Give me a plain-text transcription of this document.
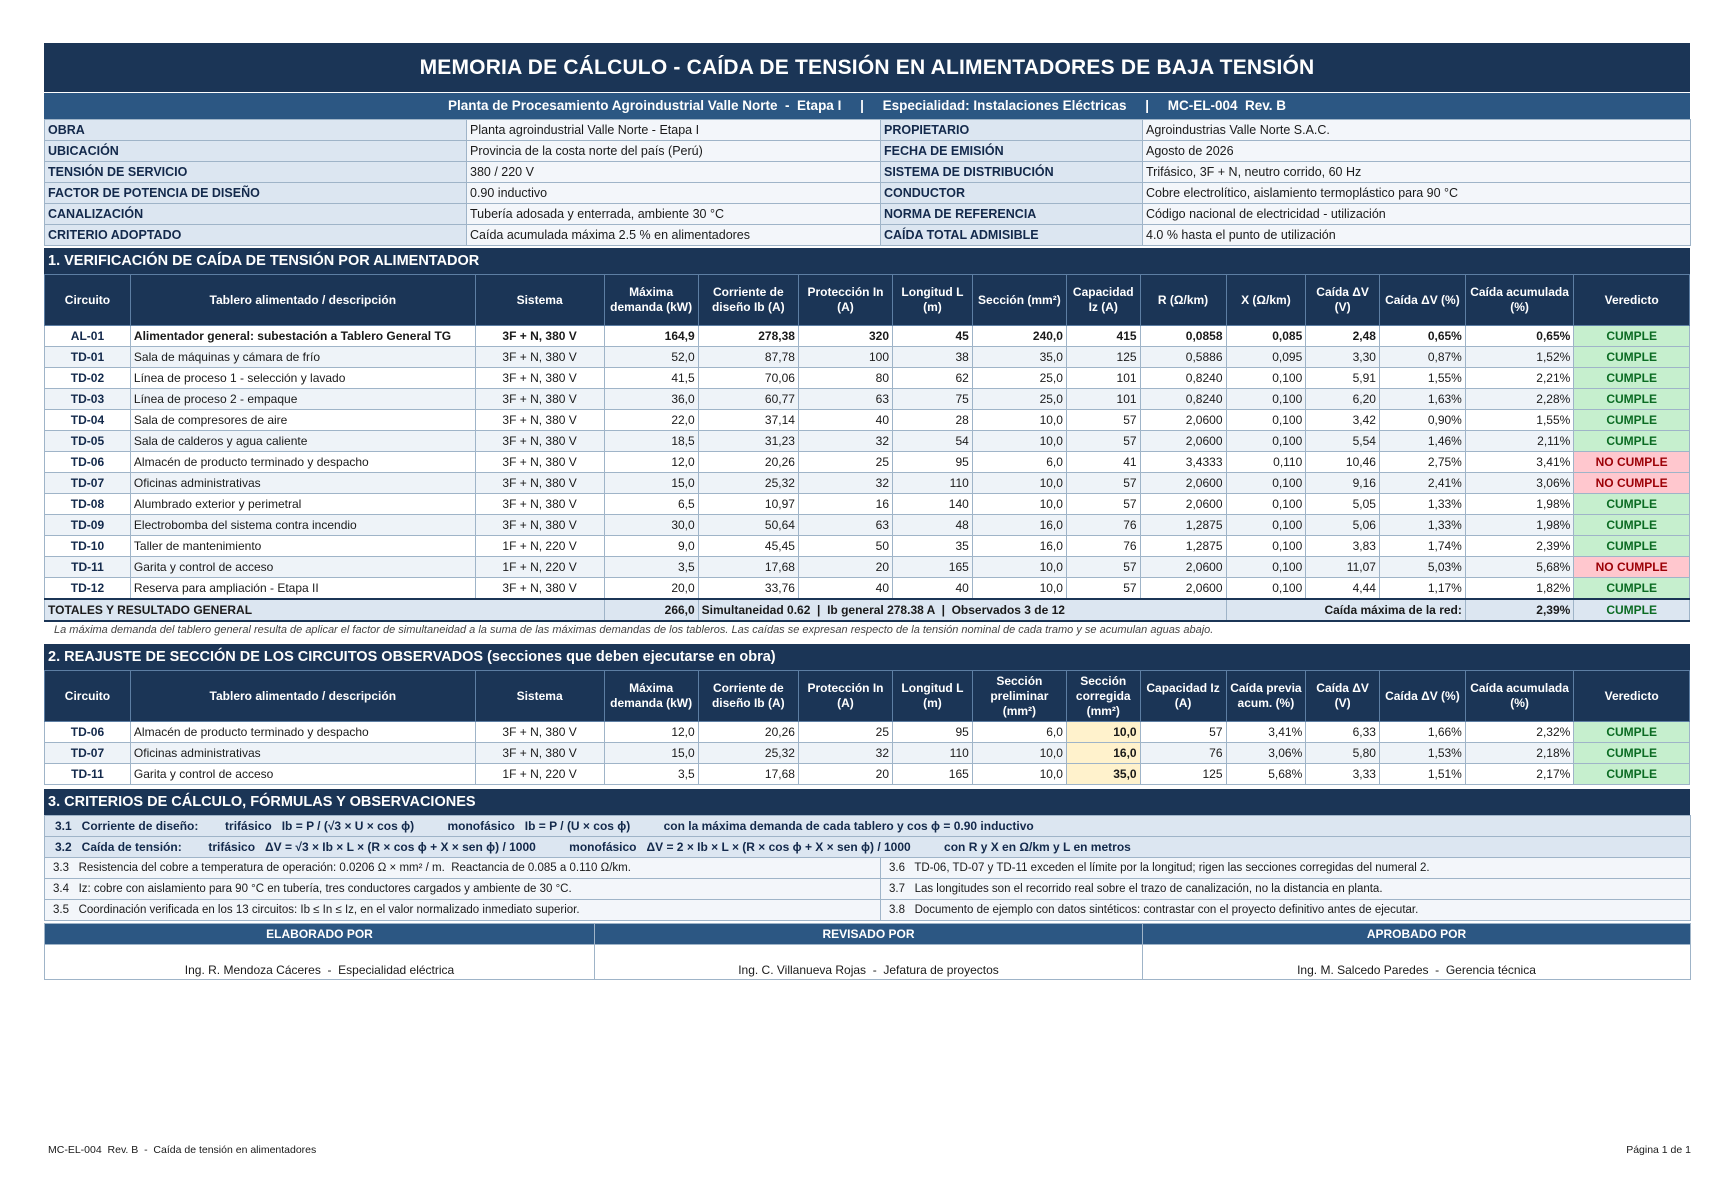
MEMORIA DE CÁLCULO - CAÍDA DE TENSIÓN EN ALIMENTADORES DE BAJA TENSIÓN
Planta de Procesamiento Agroindustrial Valle Norte  -  Etapa I     |     Especialidad: Instalaciones Eléctricas     |     MC-EL-004  Rev. B
OBRA	Planta agroindustrial Valle Norte - Etapa I	PROPIETARIO	Agroindustrias Valle Norte S.A.C.
UBICACIÓN	Provincia de la costa norte del país (Perú)	FECHA DE EMISIÓN	Agosto de 2026
TENSIÓN DE SERVICIO	380 / 220 V	SISTEMA DE DISTRIBUCIÓN	Trifásico, 3F + N, neutro corrido, 60 Hz
FACTOR DE POTENCIA DE DISEÑO	0.90 inductivo	CONDUCTOR	Cobre electrolítico, aislamiento termoplástico para 90 °C
CANALIZACIÓN	Tubería adosada y enterrada, ambiente 30 °C	NORMA DE REFERENCIA	Código nacional de electricidad - utilización
CRITERIO ADOPTADO	Caída acumulada máxima 2.5 % en alimentadores	CAÍDA TOTAL ADMISIBLE	4.0 % hasta el punto de utilización
1. VERIFICACIÓN DE CAÍDA DE TENSIÓN POR ALIMENTADOR
Circuito	Tablero alimentado / descripción	Sistema	Máxima demanda (kW)	Corriente de diseño Ib (A)	Protección In (A)	Longitud L (m)	Sección (mm²)	Capacidad Iz (A)	R (Ω/km)	X (Ω/km)	Caída ΔV (V)	Caída ΔV (%)	Caída acumulada (%)	Veredicto
AL-01	Alimentador general: subestación a Tablero General TG	3F + N, 380 V	164,9	278,38	320	45	240,0	415	0,0858	0,085	2,48	0,65%	0,65%	CUMPLE
TD-01	Sala de máquinas y cámara de frío	3F + N, 380 V	52,0	87,78	100	38	35,0	125	0,5886	0,095	3,30	0,87%	1,52%	CUMPLE
TD-02	Línea de proceso 1 - selección y lavado	3F + N, 380 V	41,5	70,06	80	62	25,0	101	0,8240	0,100	5,91	1,55%	2,21%	CUMPLE
TD-03	Línea de proceso 2 - empaque	3F + N, 380 V	36,0	60,77	63	75	25,0	101	0,8240	0,100	6,20	1,63%	2,28%	CUMPLE
TD-04	Sala de compresores de aire	3F + N, 380 V	22,0	37,14	40	28	10,0	57	2,0600	0,100	3,42	0,90%	1,55%	CUMPLE
TD-05	Sala de calderos y agua caliente	3F + N, 380 V	18,5	31,23	32	54	10,0	57	2,0600	0,100	5,54	1,46%	2,11%	CUMPLE
TD-06	Almacén de producto terminado y despacho	3F + N, 380 V	12,0	20,26	25	95	6,0	41	3,4333	0,110	10,46	2,75%	3,41%	NO CUMPLE
TD-07	Oficinas administrativas	3F + N, 380 V	15,0	25,32	32	110	10,0	57	2,0600	0,100	9,16	2,41%	3,06%	NO CUMPLE
TD-08	Alumbrado exterior y perimetral	3F + N, 380 V	6,5	10,97	16	140	10,0	57	2,0600	0,100	5,05	1,33%	1,98%	CUMPLE
TD-09	Electrobomba del sistema contra incendio	3F + N, 380 V	30,0	50,64	63	48	16,0	76	1,2875	0,100	5,06	1,33%	1,98%	CUMPLE
TD-10	Taller de mantenimiento	1F + N, 220 V	9,0	45,45	50	35	16,0	76	1,2875	0,100	3,83	1,74%	2,39%	CUMPLE
TD-11	Garita y control de acceso	1F + N, 220 V	3,5	17,68	20	165	10,0	57	2,0600	0,100	11,07	5,03%	5,68%	NO CUMPLE
TD-12	Reserva para ampliación - Etapa II	3F + N, 380 V	20,0	33,76	40	40	10,0	57	2,0600	0,100	4,44	1,17%	1,82%	CUMPLE
TOTALES Y RESULTADO GENERAL			266,0	Simultaneidad 0.62  |  Ib general 278.38 A  |  Observados 3 de 12						Caída máxima de la red:			2,39%	CUMPLE
La máxima demanda del tablero general resulta de aplicar el factor de simultaneidad a la suma de las máximas demandas de los tableros. Las caídas se expresan respecto de la tensión nominal de cada tramo y se acumulan aguas abajo.
2. REAJUSTE DE SECCIÓN DE LOS CIRCUITOS OBSERVADOS (secciones que deben ejecutarse en obra)
Circuito	Tablero alimentado / descripción	Sistema	Máxima demanda (kW)	Corriente de diseño Ib (A)	Protección In (A)	Longitud L (m)	Sección preliminar (mm²)	Sección corregida (mm²)	Capacidad Iz (A)	Caída previa acum. (%)	Caída ΔV (V)	Caída ΔV (%)	Caída acumulada (%)	Veredicto
TD-06	Almacén de producto terminado y despacho	3F + N, 380 V	12,0	20,26	25	95	6,0	10,0	57	3,41%	6,33	1,66%	2,32%	CUMPLE
TD-07	Oficinas administrativas	3F + N, 380 V	15,0	25,32	32	110	10,0	16,0	76	3,06%	5,80	1,53%	2,18%	CUMPLE
TD-11	Garita y control de acceso	1F + N, 220 V	3,5	17,68	20	165	10,0	35,0	125	5,68%	3,33	1,51%	2,17%	CUMPLE
3. CRITERIOS DE CÁLCULO, FÓRMULAS Y OBSERVACIONES
3.1   Corriente de diseño:        trifásico   Ib = P / (√3 × U × cos ϕ)          monofásico   Ib = P / (U × cos ϕ)          con la máxima demanda de cada tablero y cos ϕ = 0.90 inductivo	
3.2   Caída de tensión:        trifásico   ΔV = √3 × Ib × L × (R × cos ϕ + X × sen ϕ) / 1000          monofásico   ΔV = 2 × Ib × L × (R × cos ϕ + X × sen ϕ) / 1000          con R y X en Ω/km y L en metros	
3.3   Resistencia del cobre a temperatura de operación: 0.0206 Ω × mm² / m.  Reactancia de 0.085 a 0.110 Ω/km.	3.6   TD-06, TD-07 y TD-11 exceden el límite por la longitud; rigen las secciones corregidas del numeral 2.
3.4   Iz: cobre con aislamiento para 90 °C en tubería, tres conductores cargados y ambiente de 30 °C.	3.7   Las longitudes son el recorrido real sobre el trazo de canalización, no la distancia en planta.
3.5   Coordinación verificada en los 13 circuitos: Ib ≤ In ≤ Iz, en el valor normalizado inmediato superior.	3.8   Documento de ejemplo con datos sintéticos: contrastar con el proyecto definitivo antes de ejecutar.
ELABORADO POR	REVISADO POR	APROBADO POR
Ing. R. Mendoza Cáceres  -  Especialidad eléctrica	Ing. C. Villanueva Rojas  -  Jefatura de proyectos	Ing. M. Salcedo Paredes  -  Gerencia técnica
MC-EL-004  Rev. B  -  Caída de tensión en alimentadores	Página 1 de 1
